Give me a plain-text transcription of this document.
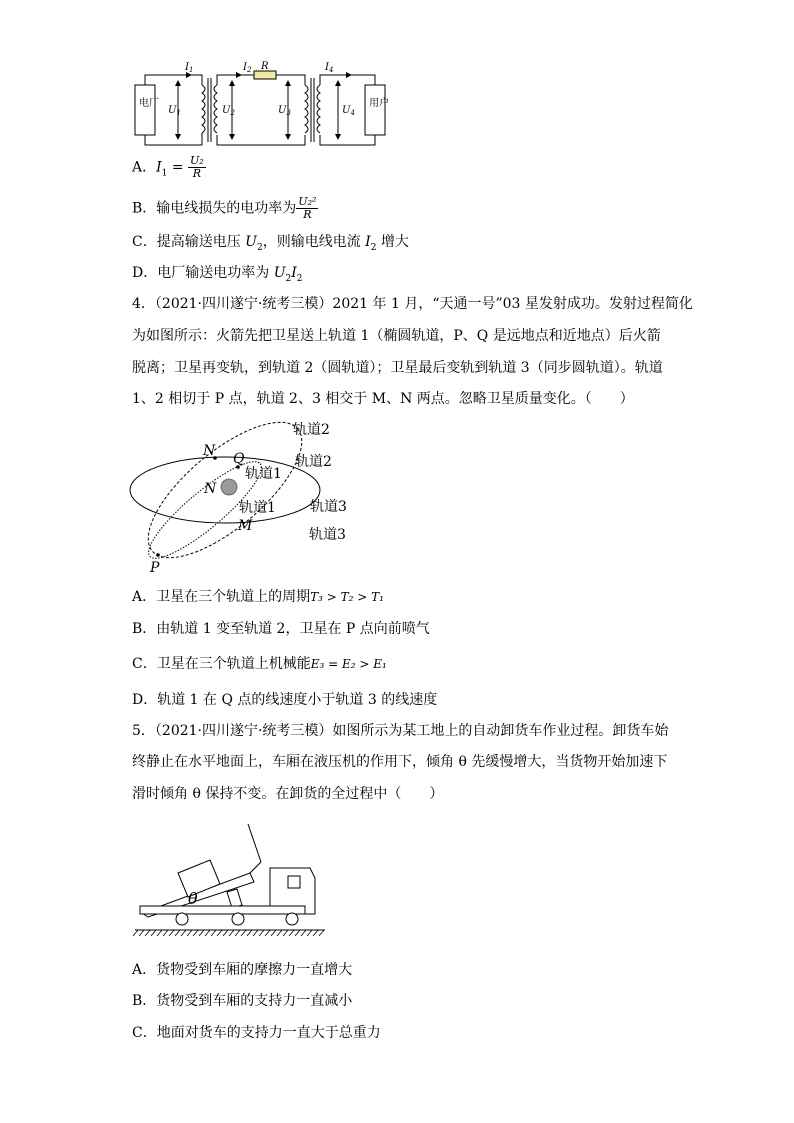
电厂	用户
$I_1$	$I_2$ R	$I_4$
$U_1$	$U_2$	$U_3$	$U_4$
A．$I_1 = \frac{\text{U₂}}{R}$
B．输电线损失的电功率为 $\frac{\text{U₂²}}{R}$
C．提高输送电压 $U_2$，则输电线电流 $I_2$ 增大
D．电厂输送电功率为 $U_2I_2$
4．（2021·四川遂宁·统考三模）2021 年 1 月，“天通一号”03 星发射成功。发射过程简化
为如图所示：火箭先把卫星送上轨道 1（椭圆轨道，P、Q 是远地点和近地点）后火箭
脱离；卫星再变轨，到轨道 2（圆轨道）；卫星最后变轨到轨道 3（同步圆轨道）。轨道
1、2 相切于 P 点，轨道 2、3 相交于 M、N 两点。忽略卫星质量变化。（　　）
轨道2
轨道2
轨道1
轨道1 轨道3
轨道3
N
N
Q
M
P
A．卫星在三个轨道上的周期T₃ > T₂ > T₁
B．由轨道 1 变至轨道 2，卫星在 P 点向前喷气
C．卫星在三个轨道上机械能E₃ = E₂ > E₁
D．轨道 1 在 Q 点的线速度小于轨道 3 的线速度
5．（2021·四川遂宁·统考三模）如图所示为某工地上的自动卸货车作业过程。卸货车始
终静止在水平地面上，车厢在液压机的作用下，倾角 θ 先缓慢增大，当货物开始加速下
滑时倾角 θ 保持不变。在卸货的全过程中（　　）
θ
A．货物受到车厢的摩擦力一直增大
B．货物受到车厢的支持力一直减小
C．地面对货车的支持力一直大于总重力
